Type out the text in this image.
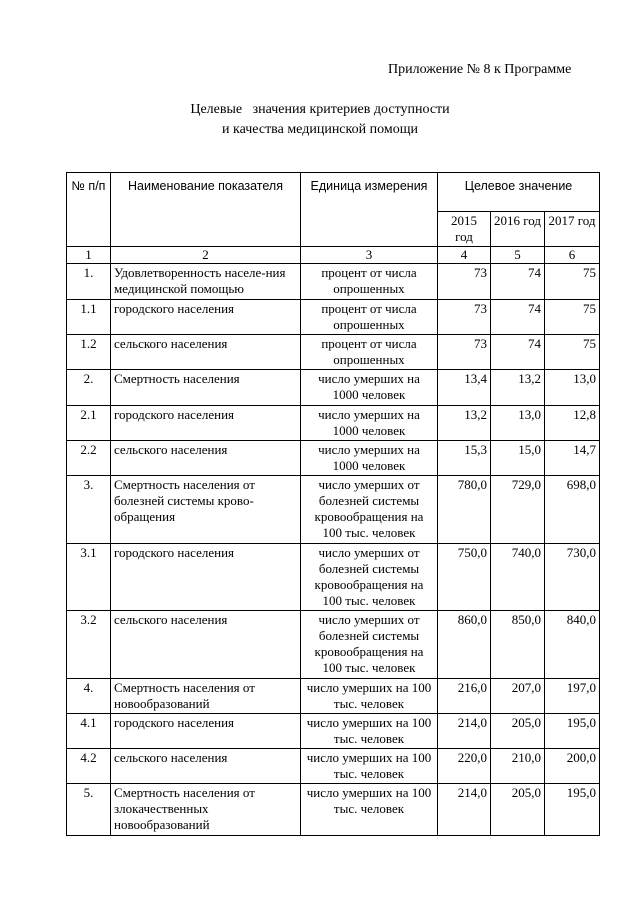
Приложение № 8 к Программе
Целевые   значения критериев доступности
и качества медицинской помощи
№ п/п	Наименование показателя	Единица измерения	Целевое значение		
			2015 год	2016 год	2017 год
1	2	3	4	5	6
1.	Удовлетворенность населе-ния медицинской помощью	процент от числа опрошенных	73	74	75
1.1	городского населения	процент от числа опрошенных	73	74	75
1.2	сельского населения	процент от числа опрошенных	73	74	75
2.	Смертность населения	число умерших на 1000 человек	13,4	13,2	13,0
2.1	городского населения	число умерших на 1000 человек	13,2	13,0	12,8
2.2	сельского населения	число умерших на 1000 человек	15,3	15,0	14,7
3.	Смертность населения от болезней системы крово-обращения	число умерших от болезней системы кровообращения на 100 тыс. человек	780,0	729,0	698,0
3.1	городского населения	число умерших от болезней системы кровообращения на 100 тыс. человек	750,0	740,0	730,0
3.2	сельского населения	число умерших от болезней системы кровообращения на 100 тыс. человек	860,0	850,0	840,0
4.	Смертность населения от новообразований	число умерших на 100 тыс. человек	216,0	207,0	197,0
4.1	городского населения	число умерших на 100 тыс. человек	214,0	205,0	195,0
4.2	сельского населения	число умерших на 100 тыс. человек	220,0	210,0	200,0
5.	Смертность населения от злокачественных новообразований	число умерших на 100 тыс. человек	214,0	205,0	195,0
